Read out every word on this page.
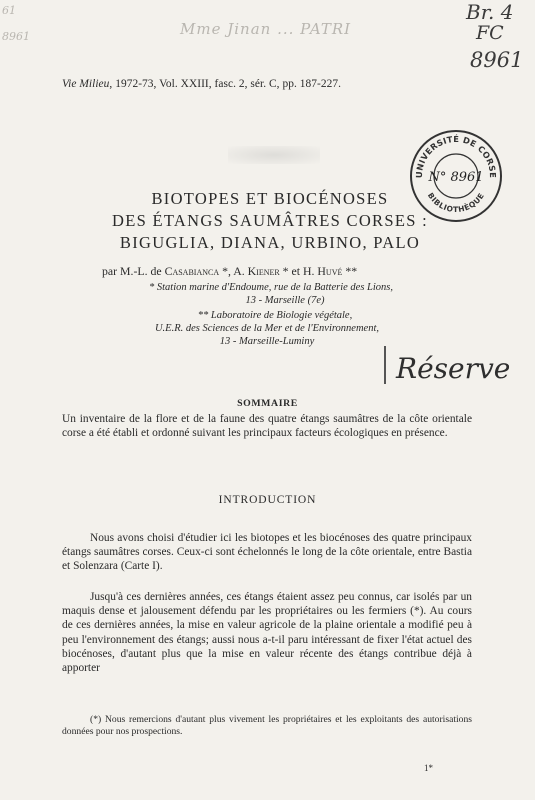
Mme Jinan ... PATRI
61
8961
Br. 4
FC
8961
Vie Milieu, 1972-73, Vol. XXIII, fasc. 2, sér. C, pp. 187-227.
UNIVERSITÉ DE CORSE
BIBLIOTHÈQUE
N° 8961
BIOTOPES ET BIOCÉNOSES
DES ÉTANGS SAUMÂTRES CORSES :
BIGUGLIA, DIANA, URBINO, PALO
par M.-L. de Casabianca *, A. Kiener * et H. Huvé **
* Station marine d'Endoume, rue de la Batterie des Lions,
13 - Marseille (7e)
** Laboratoire de Biologie végétale,
U.E.R. des Sciences de la Mer et de l'Environnement,
13 - Marseille-Luminy
Réserve
SOMMAIRE
Un inventaire de la flore et de la faune des quatre étangs saumâtres de la côte orientale corse a été établi et ordonné suivant les principaux facteurs écologiques en présence.
INTRODUCTION
Nous avons choisi d'étudier ici les biotopes et les biocénoses des quatre principaux étangs saumâtres corses. Ceux-ci sont échelonnés le long de la côte orientale, entre Bastia et Solenzara (Carte I).
Jusqu'à ces dernières années, ces étangs étaient assez peu connus, car isolés par un maquis dense et jalousement défendu par les propriétaires ou les fermiers (*). Au cours de ces dernières années, la mise en valeur agricole de la plaine orientale a modifié peu à peu l'environnement des étangs; aussi nous a-t-il paru intéressant de fixer l'état actuel des biocénoses, d'autant plus que la mise en valeur récente des étangs contribue déjà à apporter
(*) Nous remercions d'autant plus vivement les propriétaires et les exploitants des autorisations données pour nos prospections.
1*
